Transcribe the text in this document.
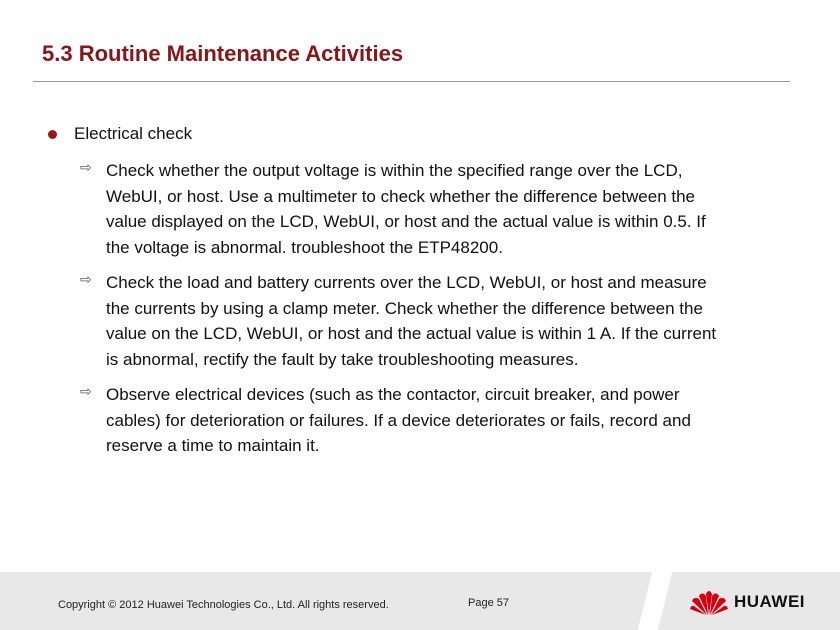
5.3 Routine Maintenance Activities
Electrical check
⇨ Check whether the output voltage is within the specified range over the LCD,
WebUI, or host. Use a multimeter to check whether the difference between the
value displayed on the LCD, WebUI, or host and the actual value is within 0.5. If
the voltage is abnormal. troubleshoot the ETP48200.
⇨ Check the load and battery currents over the LCD, WebUI, or host and measure
the currents by using a clamp meter. Check whether the difference between the
value on the LCD, WebUI, or host and the actual value is within 1 A. If the current
is abnormal, rectify the fault by take troubleshooting measures.
⇨ Observe electrical devices (such as the contactor, circuit breaker, and power
cables) for deterioration or failures. If a device deteriorates or fails, record and
reserve a time to maintain it.
Copyright © 2012 Huawei Technologies Co., Ltd. All rights reserved.	Page 57	HUAWEI
